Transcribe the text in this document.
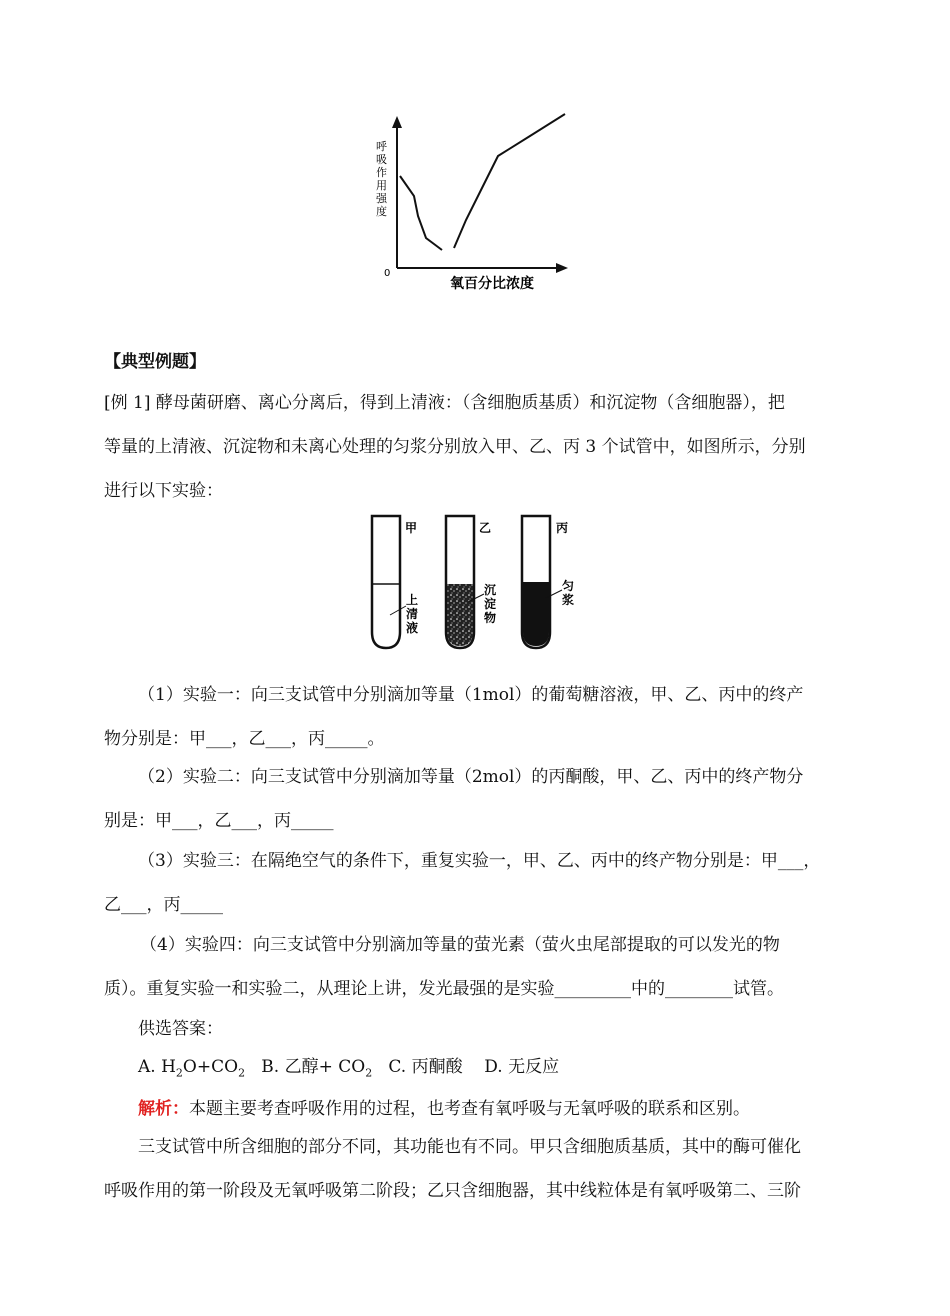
呼
吸
作
用
强
度
0
氧百分比浓度
【典型例题】
[例 1] 酵母菌研磨、离心分离后，得到上清液：（含细胞质基质）和沉淀物（含细胞器），把
等量的上清液、沉淀物和未离心处理的匀浆分别放入甲、乙、丙 3 个试管中，如图所示，分别
进行以下实验：
甲	乙	丙
上
清
液
沉
淀
物
匀
浆
（1）实验一：向三支试管中分别滴加等量（1mol）的葡萄糖溶液，甲、乙、丙中的终产
物分别是：甲___，乙___，丙_____。
（2）实验二：向三支试管中分别滴加等量（2mol）的丙酮酸，甲、乙、丙中的终产物分
别是：甲___，乙___，丙_____
（3）实验三：在隔绝空气的条件下，重复实验一，甲、乙、丙中的终产物分别是：甲___，
乙___，丙_____
（4）实验四：向三支试管中分别滴加等量的萤光素（萤火虫尾部提取的可以发光的物
质）。重复实验一和实验二，从理论上讲，发光最强的是实验_________中的________试管。
供选答案：
A. $H_2O+CO_2$ B. 乙醇+ $CO_2$ C. 丙酮酸 D. 无反应
解析：本题主要考查呼吸作用的过程，也考查有氧呼吸与无氧呼吸的联系和区别。
三支试管中所含细胞的部分不同，其功能也有不同。甲只含细胞质基质，其中的酶可催化
呼吸作用的第一阶段及无氧呼吸第二阶段；乙只含细胞器，其中线粒体是有氧呼吸第二、三阶
